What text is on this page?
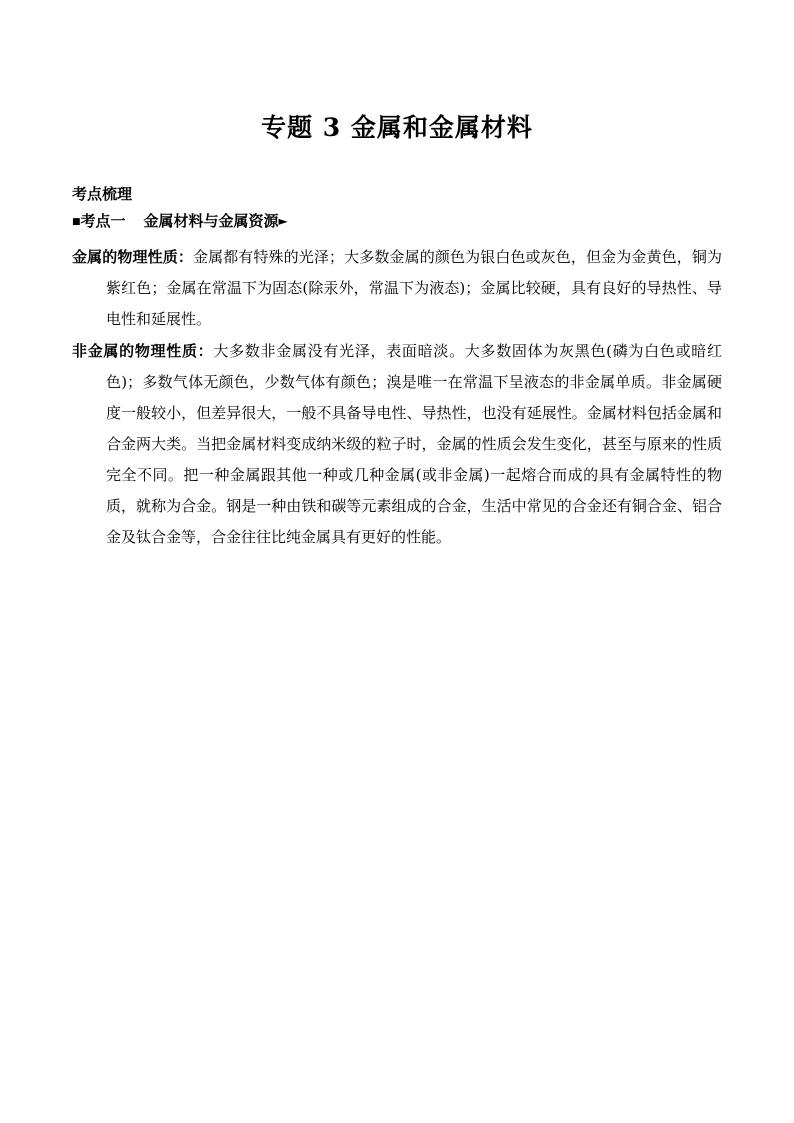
专题 3 金属和金属材料
考点梳理
■考点一 金属材料与金属资源►

金属的物理性质：金属都有特殊的光泽；大多数金属的颜色为银白色或灰色，但金为金黄色，铜为紫红色；金属在常温下为固态(除汞外，常温下为液态)；金属比较硬，具有良好的导热性、导电性和延展性。

非金属的物理性质：大多数非金属没有光泽，表面暗淡。大多数固体为灰黑色(磷为白色或暗红色)；多数气体无颜色，少数气体有颜色；溴是唯一在常温下呈液态的非金属单质。非金属硬度一般较小，但差异很大，一般不具备导电性、导热性，也没有延展性。金属材料包括金属和合金两大类。当把金属材料变成纳米级的粒子时，金属的性质会发生变化，甚至与原来的性质完全不同。把一种金属跟其他一种或几种金属(或非金属)一起熔合而成的具有金属特性的物质，就称为合金。钢是一种由铁和碳等元素组成的合金，生活中常见的合金还有铜合金、铝合金及钛合金等，合金往往比纯金属具有更好的性能。
